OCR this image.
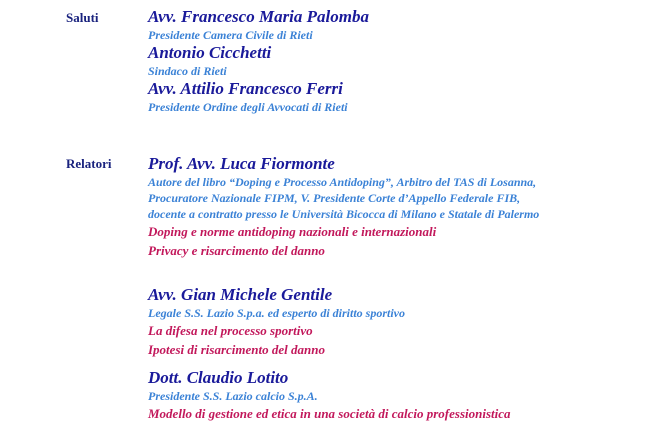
Saluti	Avv. Francesco Maria Palomba
Presidente Camera Civile di Rieti
Antonio Cicchetti
Sindaco di Rieti
Avv. Attilio Francesco Ferri
Presidente Ordine degli Avvocati di Rieti
Relatori Prof. Avv. Luca Fiormonte
Autore del libro “Doping e Processo Antidoping”, Arbitro del TAS di Losanna,
Procuratore Nazionale FIPM, V. Presidente Corte d’Appello Federale FIB,
docente a contratto presso le Università Bicocca di Milano e Statale di Palermo
Doping e norme antidoping nazionali e internazionali
Privacy e risarcimento del danno
Avv. Gian Michele Gentile
Legale S.S. Lazio S.p.a. ed esperto di diritto sportivo
La difesa nel processo sportivo
Ipotesi di risarcimento del danno
Dott. Claudio Lotito
Presidente S.S. Lazio calcio S.p.A.
Modello di gestione ed etica in una società di calcio professionistica
